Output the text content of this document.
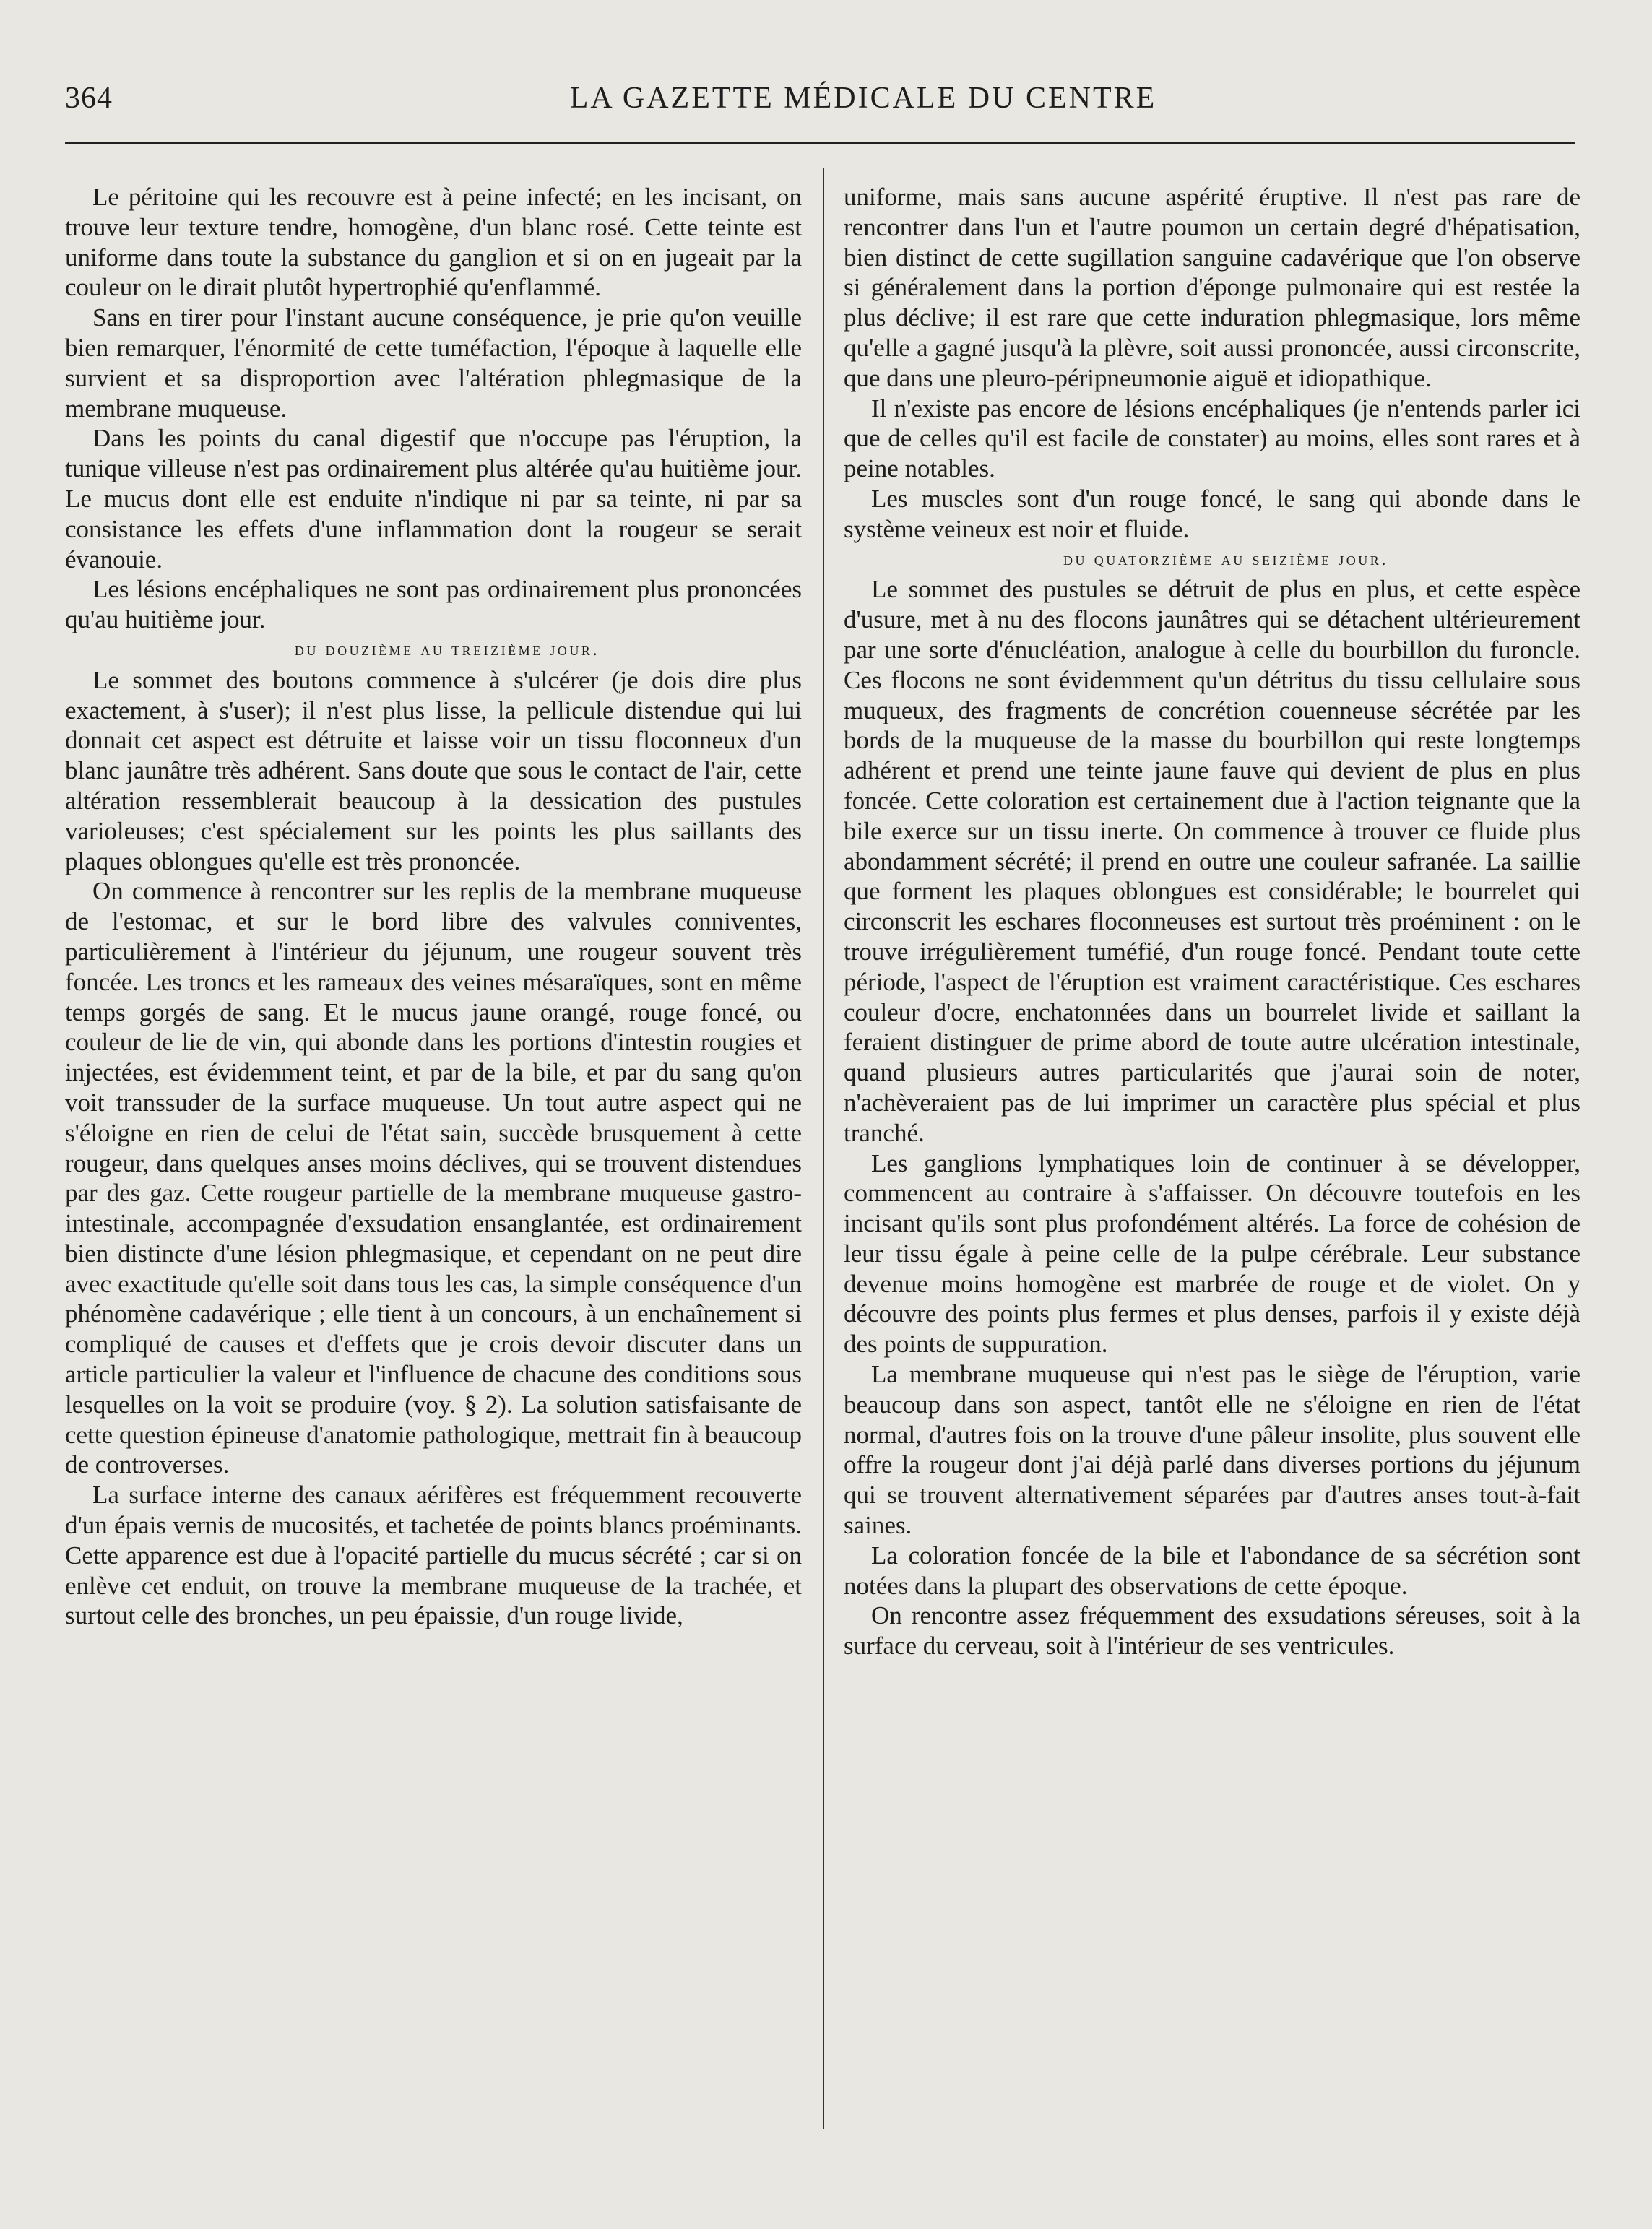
364	LA GAZETTE MÉDICALE DU CENTRE

Le péritoine qui les recouvre est à peine infecté; en les incisant, on trouve leur texture tendre, homogène, d'un blanc rosé. Cette teinte est uniforme dans toute la substance du ganglion et si on en jugeait par la couleur on le dirait plutôt hypertrophié qu'enflammé.

Sans en tirer pour l'instant aucune conséquence, je prie qu'on veuille bien remarquer, l'énormité de cette tuméfaction, l'époque à laquelle elle survient et sa disproportion avec l'altération phlegmasique de la membrane muqueuse.

Dans les points du canal digestif que n'occupe pas l'éruption, la tunique villeuse n'est pas ordinairement plus altérée qu'au huitième jour. Le mucus dont elle est enduite n'indique ni par sa teinte, ni par sa consistance les effets d'une inflammation dont la rougeur se serait évanouie.

Les lésions encéphaliques ne sont pas ordinairement plus prononcées qu'au huitième jour.

du douzième au treizième jour.

Le sommet des boutons commence à s'ulcérer (je dois dire plus exactement, à s'user); il n'est plus lisse, la pellicule distendue qui lui donnait cet aspect est détruite et laisse voir un tissu floconneux d'un blanc jaunâtre très adhérent. Sans doute que sous le contact de l'air, cette altération ressemblerait beaucoup à la dessication des pustules varioleuses; c'est spécialement sur les points les plus saillants des plaques oblongues qu'elle est très prononcée.

On commence à rencontrer sur les replis de la membrane muqueuse de l'estomac, et sur le bord libre des valvules conniventes, particulièrement à l'intérieur du jéjunum, une rougeur souvent très foncée. Les troncs et les rameaux des veines mésaraïques, sont en même temps gorgés de sang. Et le mucus jaune orangé, rouge foncé, ou couleur de lie de vin, qui abonde dans les portions d'intestin rougies et injectées, est évidemment teint, et par de la bile, et par du sang qu'on voit transsuder de la surface muqueuse. Un tout autre aspect qui ne s'éloigne en rien de celui de l'état sain, succède brusquement à cette rougeur, dans quelques anses moins déclives, qui se trouvent distendues par des gaz. Cette rougeur partielle de la membrane muqueuse gastro-intestinale, accompagnée d'exsudation ensanglantée, est ordinairement bien distincte d'une lésion phlegmasique, et cependant on ne peut dire avec exactitude qu'elle soit dans tous les cas, la simple conséquence d'un phénomène cadavérique ; elle tient à un concours, à un enchaînement si compliqué de causes et d'effets que je crois devoir discuter dans un article particulier la valeur et l'influence de chacune des conditions sous lesquelles on la voit se produire (voy. § 2). La solution satisfaisante de cette question épineuse d'anatomie pathologique, mettrait fin à beaucoup de controverses.

La surface interne des canaux aérifères est fréquemment recouverte d'un épais vernis de mucosités, et tachetée de points blancs proéminants. Cette apparence est due à l'opacité partielle du mucus sécrété ; car si on enlève cet enduit, on trouve la membrane muqueuse de la trachée, et surtout celle des bronches, un peu épaissie, d'un rouge livide,

uniforme, mais sans aucune aspérité éruptive. Il n'est pas rare de rencontrer dans l'un et l'autre poumon un certain degré d'hépatisation, bien distinct de cette sugillation sanguine cadavérique que l'on observe si généralement dans la portion d'éponge pulmonaire qui est restée la plus déclive; il est rare que cette induration phlegmasique, lors même qu'elle a gagné jusqu'à la plèvre, soit aussi prononcée, aussi circonscrite, que dans une pleuro-péripneumonie aiguë et idiopathique.

Il n'existe pas encore de lésions encéphaliques (je n'entends parler ici que de celles qu'il est facile de constater) au moins, elles sont rares et à peine notables.

Les muscles sont d'un rouge foncé, le sang qui abonde dans le système veineux est noir et fluide.

du quatorzième au seizième jour.

Le sommet des pustules se détruit de plus en plus, et cette espèce d'usure, met à nu des flocons jaunâtres qui se détachent ultérieurement par une sorte d'énucléation, analogue à celle du bourbillon du furoncle. Ces flocons ne sont évidemment qu'un détritus du tissu cellulaire sous muqueux, des fragments de concrétion couenneuse sécrétée par les bords de la muqueuse de la masse du bourbillon qui reste longtemps adhérent et prend une teinte jaune fauve qui devient de plus en plus foncée. Cette coloration est certainement due à l'action teignante que la bile exerce sur un tissu inerte. On commence à trouver ce fluide plus abondamment sécrété; il prend en outre une couleur safranée. La saillie que forment les plaques oblongues est considérable; le bourrelet qui circonscrit les eschares floconneuses est surtout très proéminent : on le trouve irrégulièrement tuméfié, d'un rouge foncé. Pendant toute cette période, l'aspect de l'éruption est vraiment caractéristique. Ces eschares couleur d'ocre, enchatonnées dans un bourrelet livide et saillant la feraient distinguer de prime abord de toute autre ulcération intestinale, quand plusieurs autres particularités que j'aurai soin de noter, n'achèveraient pas de lui imprimer un caractère plus spécial et plus tranché.

Les ganglions lymphatiques loin de continuer à se développer, commencent au contraire à s'affaisser. On découvre toutefois en les incisant qu'ils sont plus profondément altérés. La force de cohésion de leur tissu égale à peine celle de la pulpe cérébrale. Leur substance devenue moins homogène est marbrée de rouge et de violet. On y découvre des points plus fermes et plus denses, parfois il y existe déjà des points de suppuration.

La membrane muqueuse qui n'est pas le siège de l'éruption, varie beaucoup dans son aspect, tantôt elle ne s'éloigne en rien de l'état normal, d'autres fois on la trouve d'une pâleur insolite, plus souvent elle offre la rougeur dont j'ai déjà parlé dans diverses portions du jéjunum qui se trouvent alternativement séparées par d'autres anses tout-à-fait saines.

La coloration foncée de la bile et l'abondance de sa sécrétion sont notées dans la plupart des observations de cette époque.

On rencontre assez fréquemment des exsudations séreuses, soit à la surface du cerveau, soit à l'intérieur de ses ventricules.
